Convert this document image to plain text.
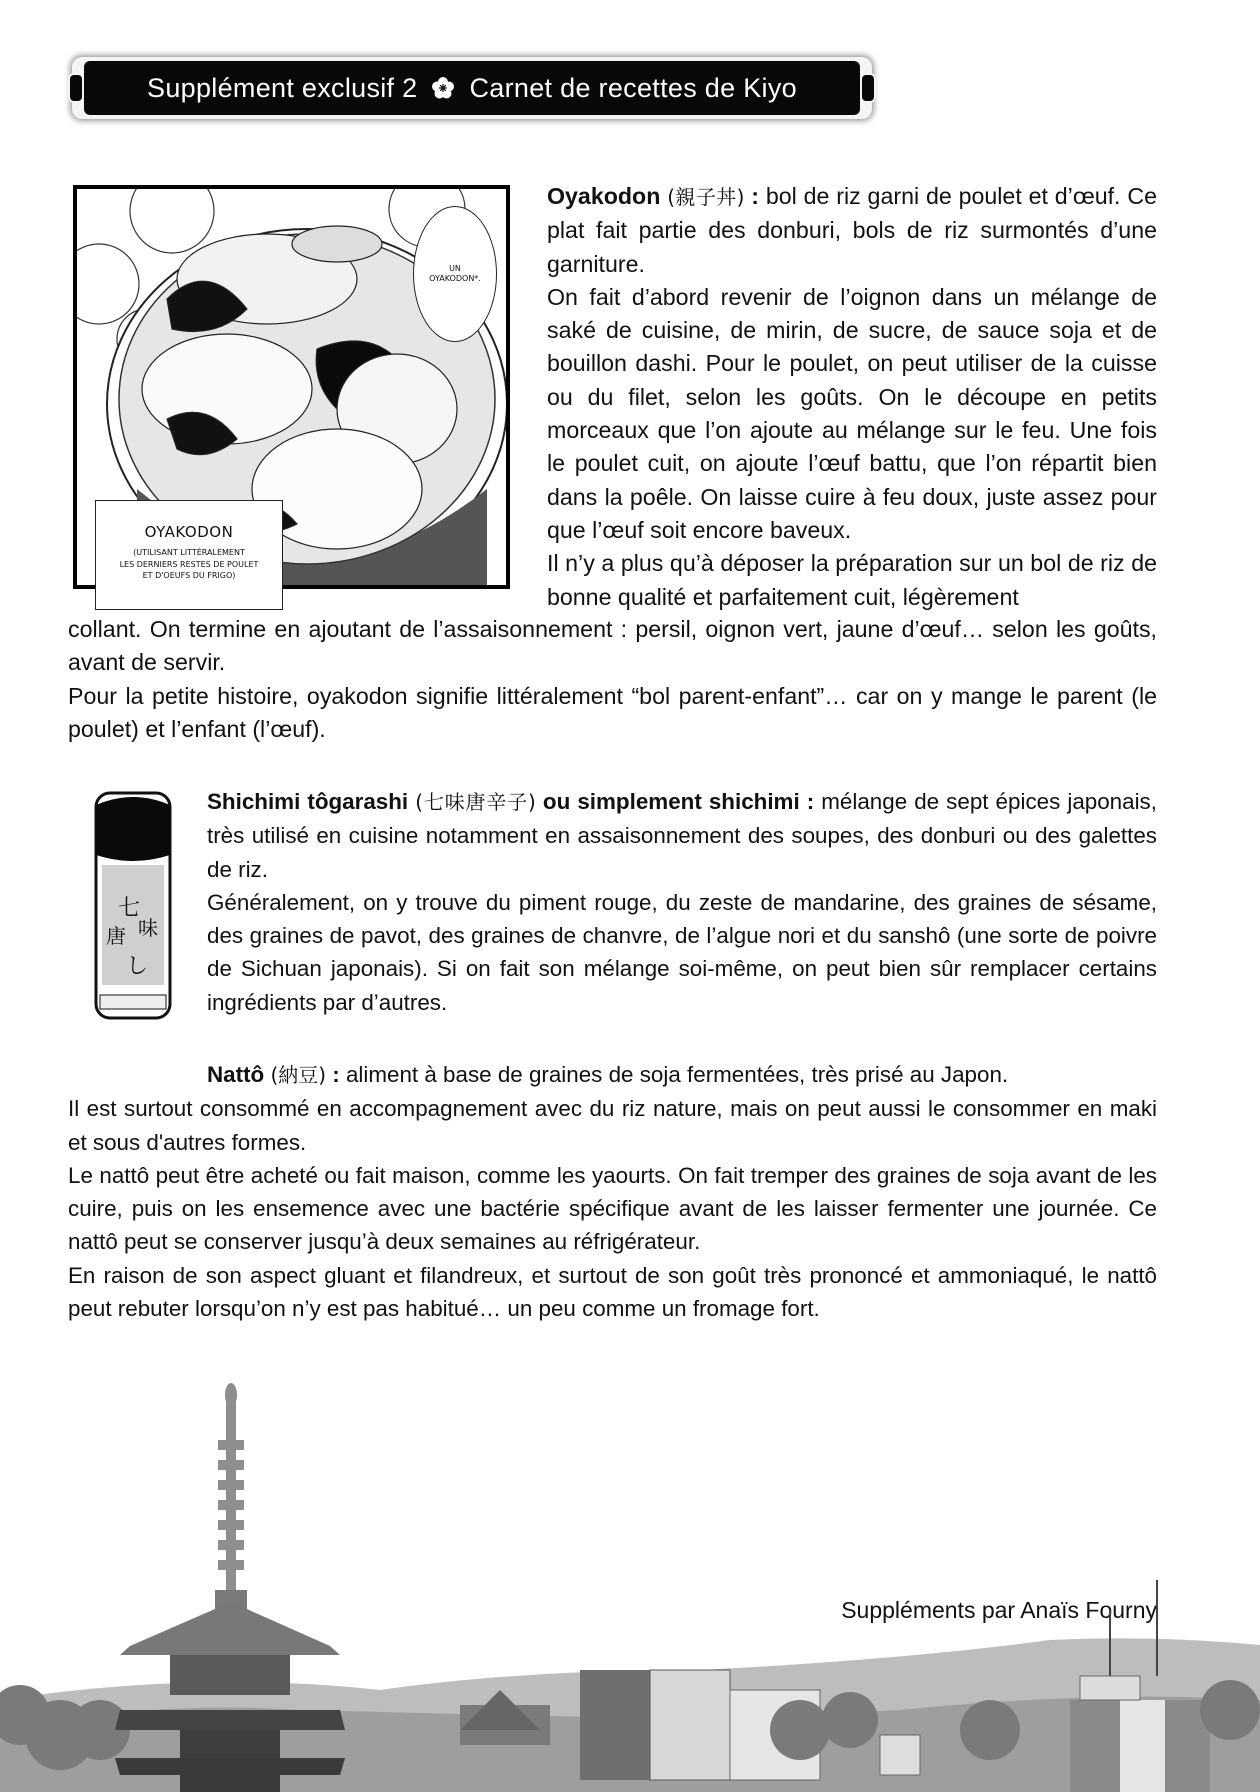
Supplément exclusif 2 Carnet de recettes de Kiyo
UN
OYAKODON*.
OYAKODON
(UTILISANT LITTÉRALEMENT
LES DERNIERS RESTES DE POULET
ET D'OEUFS DU FRIGO)

Oyakodon (親子丼) : bol de riz garni de poulet et d’œuf. Ce plat fait partie des donburi, bols de riz surmontés d’une garniture.

On fait d’abord revenir de l’oignon dans un mélange de saké de cuisine, de mirin, de sucre, de sauce soja et de bouillon dashi. Pour le poulet, on peut utiliser de la cuisse ou du filet, selon les goûts. On le découpe en petits morceaux que l’on ajoute au mélange sur le feu. Une fois le poulet cuit, on ajoute l’œuf battu, que l’on répartit bien dans la poêle. On laisse cuire à feu doux, juste assez pour que l’œuf soit encore baveux.

Il n’y a plus qu’à déposer la préparation sur un bol de riz de bonne qualité et parfaitement cuit, légèrement

collant. On termine en ajoutant de l’assaisonnement : persil, oignon vert, jaune d’œuf… selon les goûts, avant de servir.

Pour la petite histoire, oyakodon signifie littéralement “bol parent-enfant”… car on y mange le parent (le poulet) et l’enfant (l’œuf).

七
味
唐
し

Shichimi tôgarashi (七味唐辛子) ou simplement shichimi : mélange de sept épices japonais, très utilisé en cuisine notamment en assaisonnement des soupes, des donburi ou des galettes de riz.

Généralement, on y trouve du piment rouge, du zeste de mandarine, des graines de sésame, des graines de pavot, des graines de chanvre, de l’algue nori et du sanshô (une sorte de poivre de Sichuan japonais). Si on fait son mélange soi-même, on peut bien sûr remplacer certains ingrédients par d’autres.

Nattô (納豆) : aliment à base de graines de soja fermentées, très prisé au Japon.

Il est surtout consommé en accompagnement avec du riz nature, mais on peut aussi le consommer en maki et sous d'autres formes.

Le nattô peut être acheté ou fait maison, comme les yaourts. On fait tremper des graines de soja avant de les cuire, puis on les ensemence avec une bactérie spécifique avant de les laisser fermenter une journée. Ce nattô peut se conserver jusqu’à deux semaines au réfrigérateur.

En raison de son aspect gluant et filandreux, et surtout de son goût très prononcé et ammoniaqué, le nattô peut rebuter lorsqu’on n’y est pas habitué… un peu comme un fromage fort.

Suppléments par Anaïs Fourny
